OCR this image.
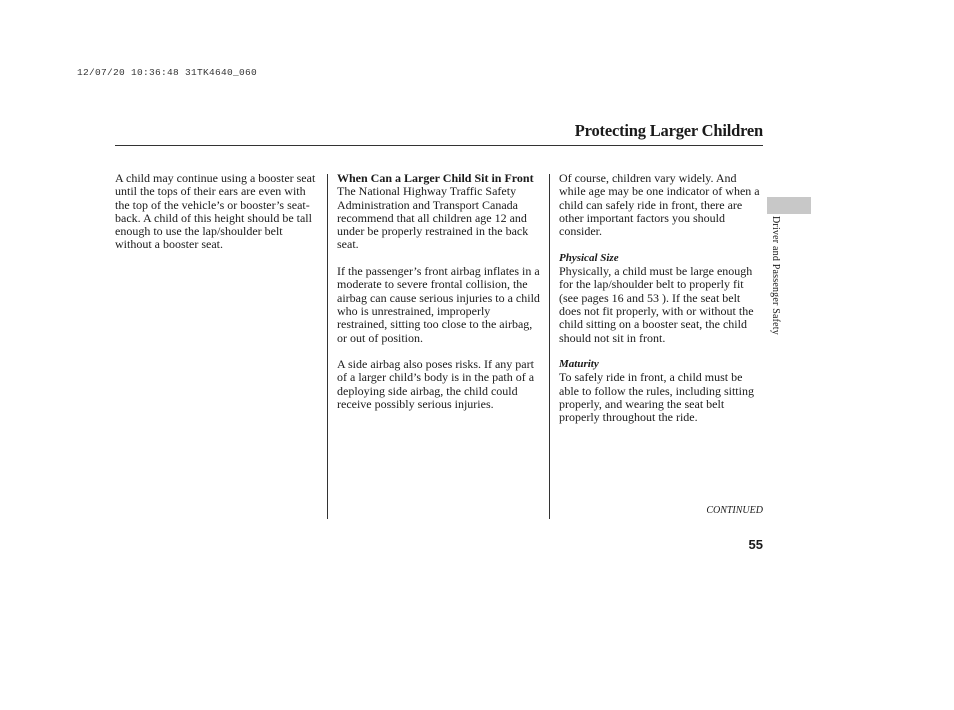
12/07/20 10:36:48 31TK4640_060
Protecting Larger Children

A child may continue using a booster seat until the tops of their ears are even with the top of the vehicle’s or booster’s seat-back. A child of this height should be tall enough to use the lap/shoulder belt without a booster seat.

When Can a Larger Child Sit in Front

The National Highway Traffic Safety Administration and Transport Canada recommend that all children age 12 and under be properly restrained in the back seat.

If the passenger’s front airbag inflates in a moderate to severe frontal collision, the airbag can cause serious injuries to a child who is unrestrained, improperly restrained, sitting too close to the airbag, or out of position.

A side airbag also poses risks. If any part of a larger child’s body is in the path of a deploying side airbag, the child could receive possibly serious injuries.

Of course, children vary widely. And while age may be one indicator of when a child can safely ride in front, there are other important factors you should consider.

Physical Size

Physically, a child must be large enough for the lap/shoulder belt to properly fit (see pages 16 and 53 ). If the seat belt does not fit properly, with or without the child sitting on a booster seat, the child should not sit in front.

Maturity

To safely ride in front, a child must be able to follow the rules, including sitting properly, and wearing the seat belt properly throughout the ride.

Driver and Passenger Safety
CONTINUED
55
